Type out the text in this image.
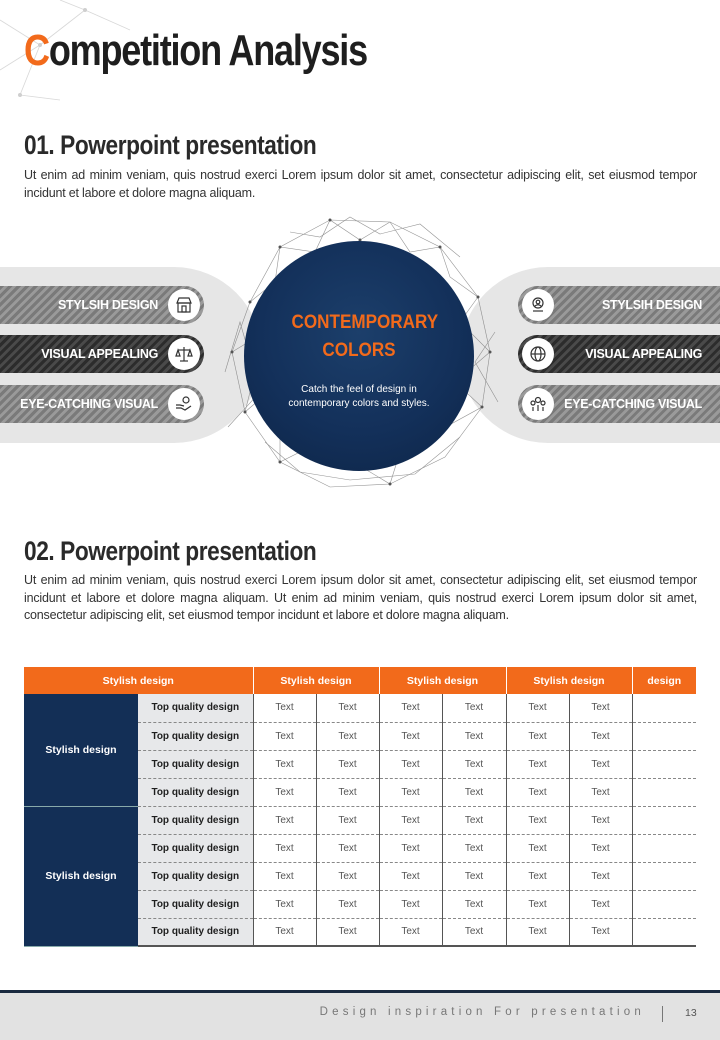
Competition Analysis
01. Powerpoint presentation
Ut enim ad minim veniam, quis nostrud exerci Lorem ipsum dolor sit amet, consectetur adipiscing elit, set eiusmod tempor incidunt et labore et dolore magna aliquam.
CONTEMPORARY COLORS
Catch the feel of design in contemporary colors and styles.
STYLSIH DESIGN
VISUAL APPEALING
EYE-CATCHING VISUAL
STYLSIH DESIGN
VISUAL APPEALING
EYE-CATCHING VISUAL
02. Powerpoint presentation
Ut enim ad minim veniam, quis nostrud exerci Lorem ipsum dolor sit amet, consectetur adipiscing elit, set eiusmod tempor incidunt et labore et dolore magna aliquam. Ut enim ad minim veniam, quis nostrud exerci Lorem ipsum dolor sit amet, consectetur adipiscing elit, set eiusmod tempor incidunt et labore et dolore magna aliquam.
Stylish design		Stylish design		Stylish design		Stylish design		design
Stylish design	Top quality design	Text	Text	Text	Text	Text	Text	
	Top quality design	Text	Text	Text	Text	Text	Text	
	Top quality design	Text	Text	Text	Text	Text	Text	
	Top quality design	Text	Text	Text	Text	Text	Text	
Stylish design	Top quality design	Text	Text	Text	Text	Text	Text	
	Top quality design	Text	Text	Text	Text	Text	Text	
	Top quality design	Text	Text	Text	Text	Text	Text	
	Top quality design	Text	Text	Text	Text	Text	Text	
	Top quality design	Text	Text	Text	Text	Text	Text	
Design inspiration For presentation	13
